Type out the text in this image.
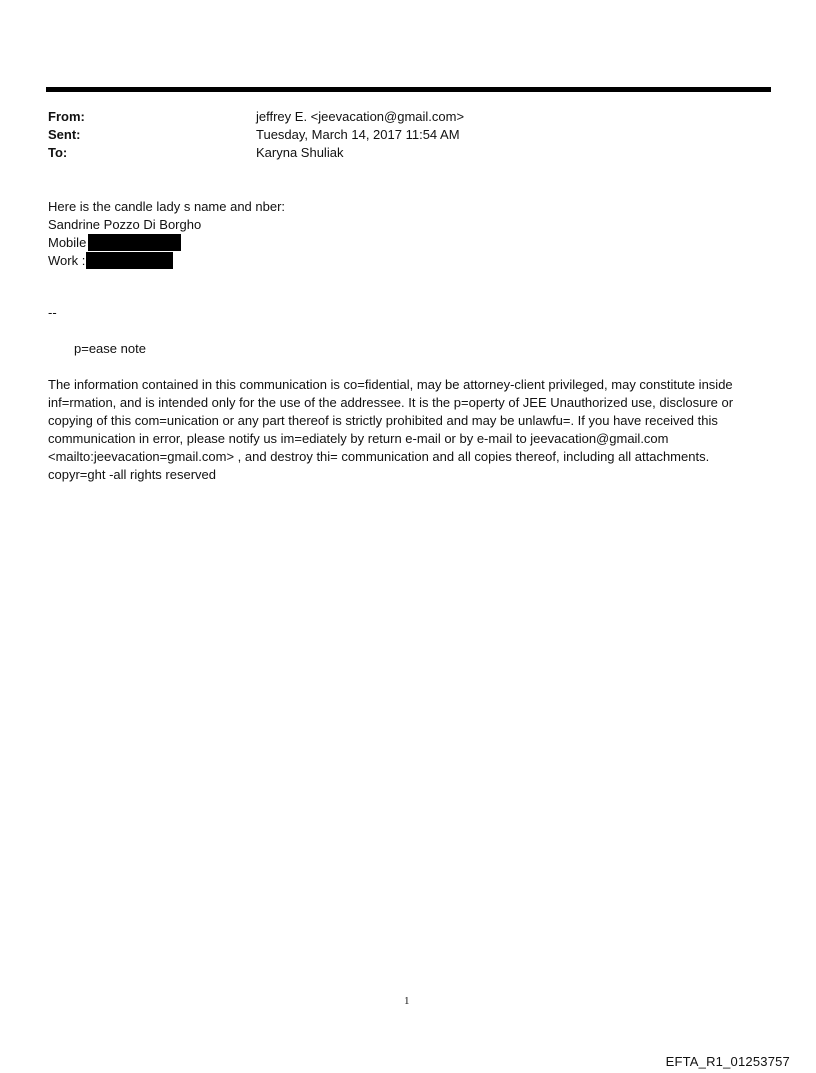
From:	jeffrey E. <jeevacation@gmail.com>
Sent:	Tuesday, March 14, 2017 11:54 AM
To:	Karyna Shuliak
Here is the candle lady s name and nber:
Sandrine Pozzo Di Borgho
Mobile
Work :
--
p=ease note

The information contained in this communication is co=fidential, may be attorney-client privileged, may constitute inside inf=rmation, and is intended only for the use of the addressee. It is the p=operty of JEE Unauthorized use, disclosure or copying of this com=unication or any part thereof is strictly prohibited and may be unlawfu=. If you have received this communication in error, please notify us im=ediately by return e-mail or by e-mail to jeevacation@gmail.com <mailto:jeevacation=gmail.com> , and destroy thi= communication and all copies thereof, including all attachments. copyr=ght -all rights reserved

1
EFTA_R1_01253757
